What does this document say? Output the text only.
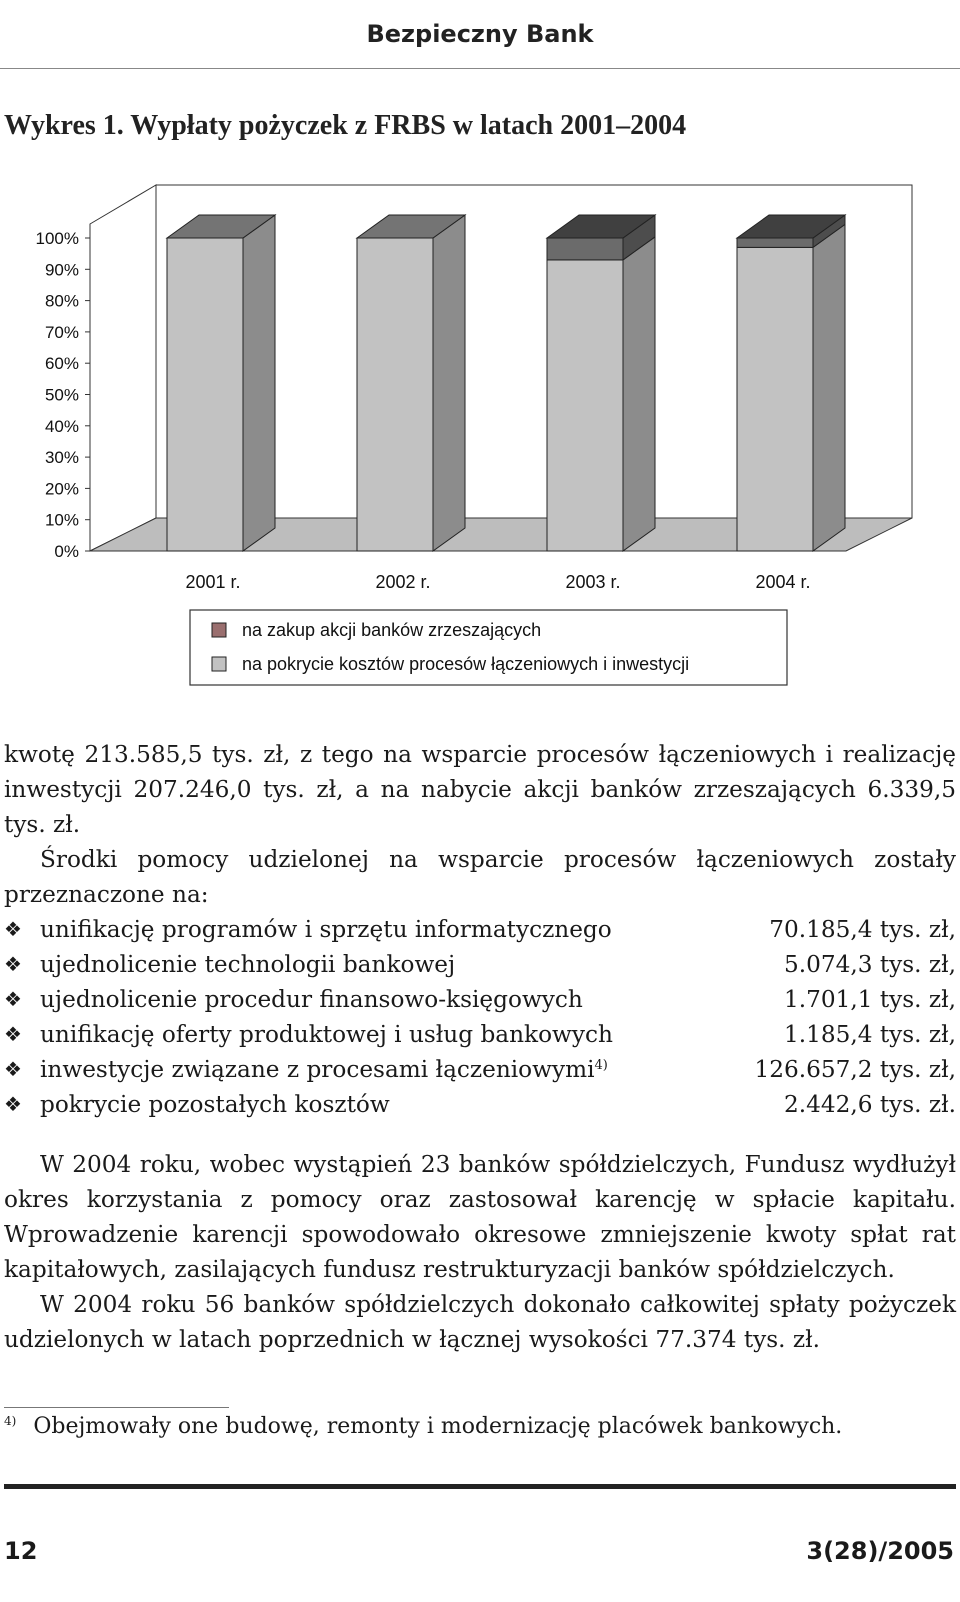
Bezpieczny Bank
Wykres 1. Wypłaty pożyczek z FRBS w latach 2001–2004
0%
10%
20%
30%
40%
50%
60%
70%
80%
90%
100%
2001 r.	2002 r.	2003 r.	2004 r.
na zakup akcji banków zrzeszających
na pokrycie kosztów procesów łączeniowych i inwestycji

kwotę 213.585,5 tys. zł, z tego na wsparcie procesów łączeniowych i realizację inwestycji 207.246,0 tys. zł, a na nabycie akcji banków zrzeszających 6.339,5 tys. zł.

Środki pomocy udzielonej na wsparcie procesów łączeniowych zostały przeznaczone na:

❖ unifikację programów i sprzętu informatycznego	70.185,4 tys. zł,
❖ ujednolicenie technologii bankowej	5.074,3 tys. zł,
❖ ujednolicenie procedur finansowo-księgowych	1.701,1 tys. zł,
❖ unifikację oferty produktowej i usług bankowych	1.185,4 tys. zł,
❖ inwestycje związane z procesami łączeniowymi$^{4)}$	126.657,2 tys. zł,
❖ pokrycie pozostałych kosztów	2.442,6 tys. zł.

W 2004 roku, wobec wystąpień 23 banków spółdzielczych, Fundusz wydłużył okres korzystania z pomocy oraz zastosował karencję w spłacie kapitału. Wprowadzenie karencji spowodowało okresowe zmniejszenie kwoty spłat rat kapitałowych, zasilających fundusz restrukturyzacji banków spółdzielczych.

W 2004 roku 56 banków spółdzielczych dokonało całkowitej spłaty pożyczek udzielonych w latach poprzednich w łącznej wysokości 77.374 tys. zł.

$^{4)}$ Obejmowały one budowę, remonty i modernizację placówek bankowych.
12	3(28)/2005
